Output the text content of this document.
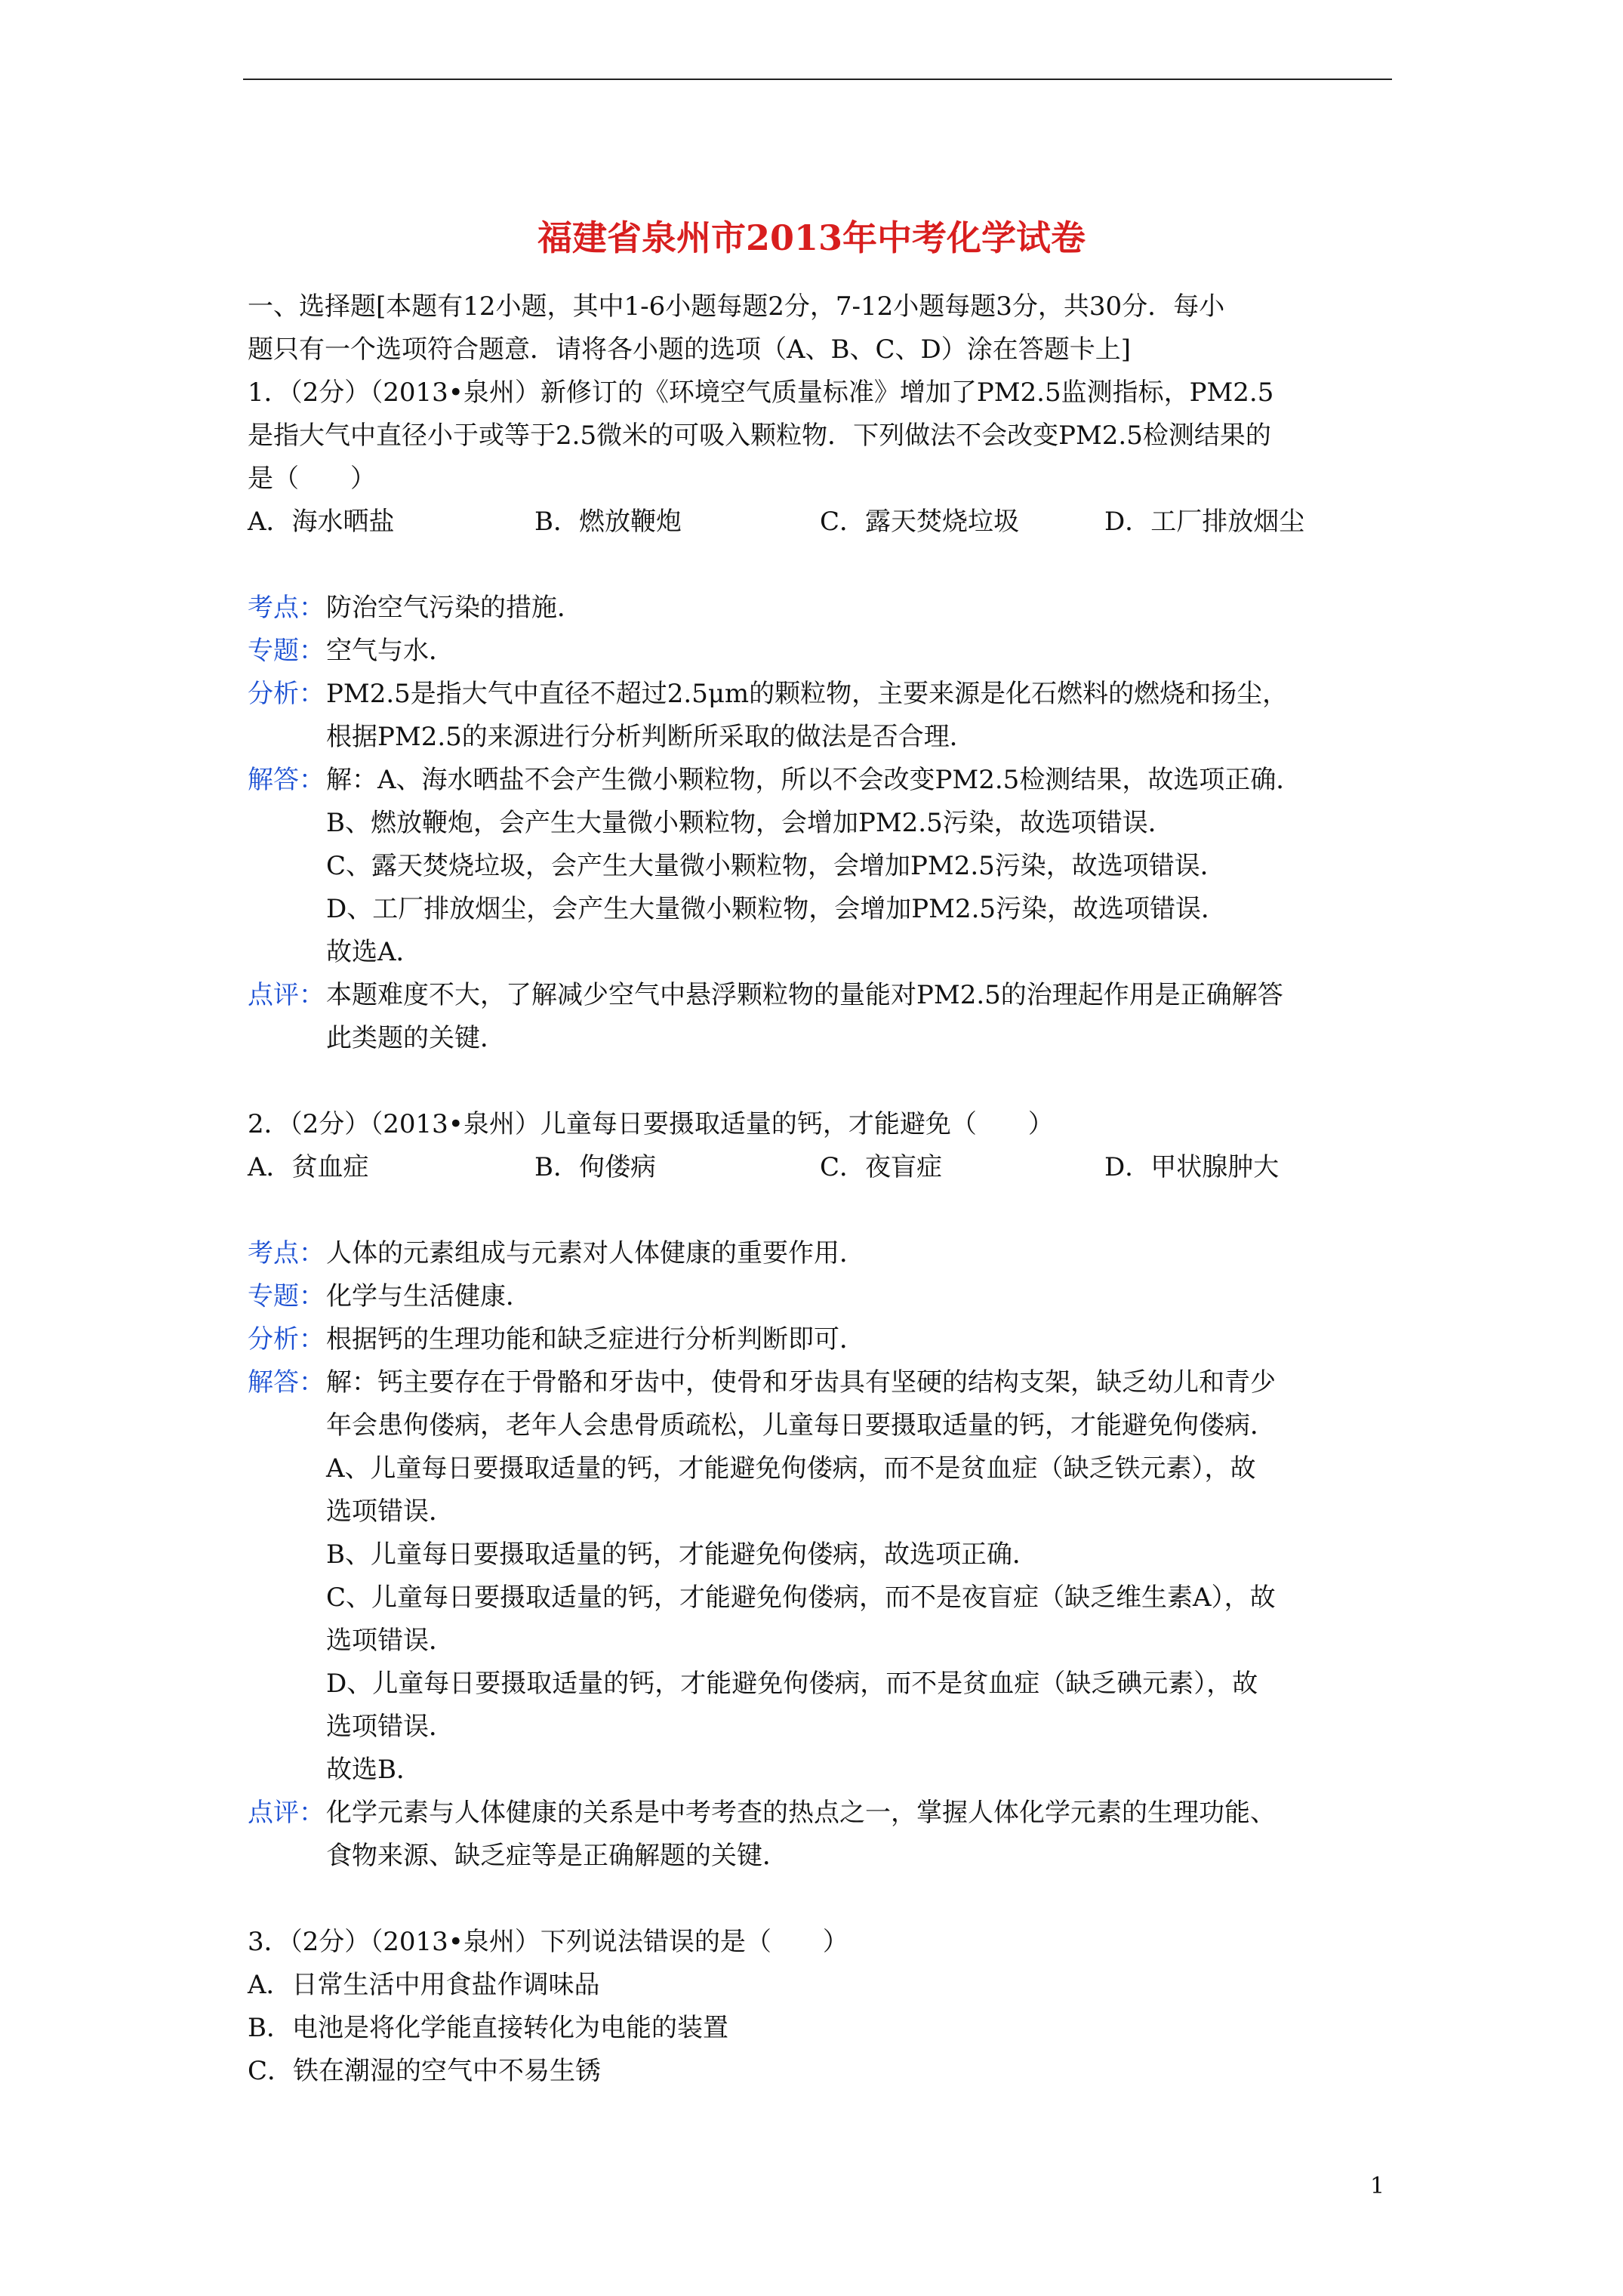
福建省泉州市2013年中考化学试卷
一、选择题[本题有12小题，其中1-6小题每题2分，7-12小题每题3分，共30分．每小
题只有一个选项符合题意．请将各小题的选项（A、B、C、D）涂在答题卡上]
1．（2分）（2013•泉州）新修订的《环境空气质量标准》增加了PM2.5监测指标，PM2.5
是指大气中直径小于或等于2.5微米的可吸入颗粒物．下列做法不会改变PM2.5检测结果的
是（　　）
A．海水晒盐	B．燃放鞭炮	C．露天焚烧垃圾	D．工厂排放烟尘
考点： 防治空气污染的措施．
专题： 空气与水．
分析： PM2.5是指大气中直径不超过2.5μm的颗粒物，主要来源是化石燃料的燃烧和扬尘，
根据PM2.5的来源进行分析判断所采取的做法是否合理．
解答： 解：A、海水晒盐不会产生微小颗粒物，所以不会改变PM2.5检测结果，故选项正确．
B、燃放鞭炮，会产生大量微小颗粒物，会增加PM2.5污染，故选项错误．
C、露天焚烧垃圾，会产生大量微小颗粒物，会增加PM2.5污染，故选项错误．
D、工厂排放烟尘，会产生大量微小颗粒物，会增加PM2.5污染，故选项错误．
故选A．
点评： 本题难度不大，了解减少空气中悬浮颗粒物的量能对PM2.5的治理起作用是正确解答
此类题的关键．
2．（2分）（2013•泉州）儿童每日要摄取适量的钙，才能避免（　　）
A．贫血症	B．佝偻病	C．夜盲症	D．甲状腺肿大
考点： 人体的元素组成与元素对人体健康的重要作用．
专题： 化学与生活健康．
分析： 根据钙的生理功能和缺乏症进行分析判断即可．
解答： 解：钙主要存在于骨骼和牙齿中，使骨和牙齿具有坚硬的结构支架，缺乏幼儿和青少
年会患佝偻病，老年人会患骨质疏松，儿童每日要摄取适量的钙，才能避免佝偻病．
A、儿童每日要摄取适量的钙，才能避免佝偻病，而不是贫血症（缺乏铁元素），故
选项错误．
B、儿童每日要摄取适量的钙，才能避免佝偻病，故选项正确．
C、儿童每日要摄取适量的钙，才能避免佝偻病，而不是夜盲症（缺乏维生素A），故
选项错误．
D、儿童每日要摄取适量的钙，才能避免佝偻病，而不是贫血症（缺乏碘元素），故
选项错误．
故选B．
点评： 化学元素与人体健康的关系是中考考查的热点之一，掌握人体化学元素的生理功能、
食物来源、缺乏症等是正确解题的关键．
3．（2分）（2013•泉州）下列说法错误的是（　　）
A．日常生活中用食盐作调味品
B．电池是将化学能直接转化为电能的装置
C．铁在潮湿的空气中不易生锈
1
